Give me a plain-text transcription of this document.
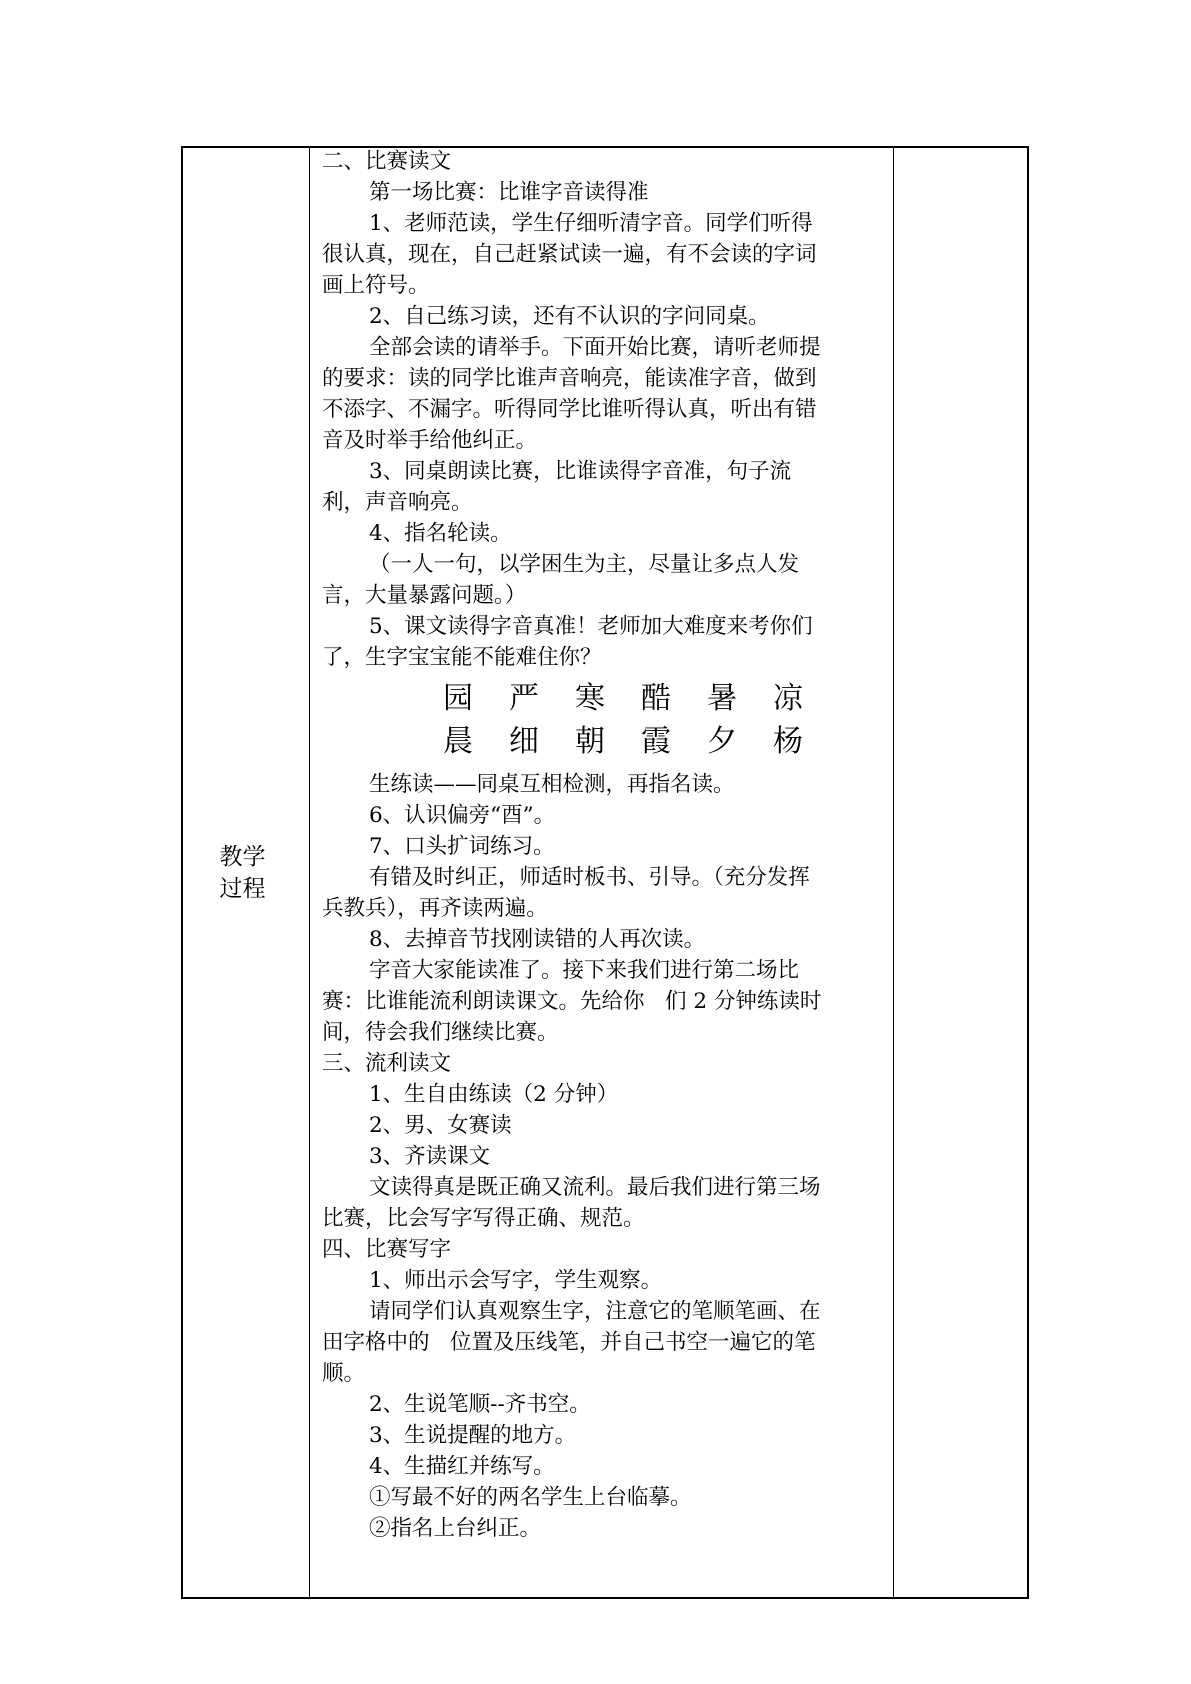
教学
过程
二、比赛读文
第一场比赛：比谁字音读得准
1、老师范读，学生仔细听清字音。同学们听得
很认真，现在，自己赶紧试读一遍，有不会读的字词
画上符号。
2、自己练习读，还有不认识的字问同桌。
全部会读的请举手。下面开始比赛，请听老师提
的要求：读的同学比谁声音响亮，能读准字音，做到
不添字、不漏字。听得同学比谁听得认真，听出有错
音及时举手给他纠正。
3、同桌朗读比赛，比谁读得字音准，句子流
利，声音响亮。
4、指名轮读。
（一人一句，以学困生为主，尽量让多点人发
言，大量暴露问题。）
5、课文读得字音真准！老师加大难度来考你们
了，生字宝宝能不能难住你？
园 严 寒 酷 暑 凉
晨 细 朝 霞 夕 杨
生练读——同桌互相检测，再指名读。
6、认识偏旁“酉”。
7、口头扩词练习。
有错及时纠正，师适时板书、引导。（充分发挥
兵教兵），再齐读两遍。
8、去掉音节找刚读错的人再次读。
字音大家能读准了。接下来我们进行第二场比
赛：比谁能流利朗读课文。先给你   们 2 分钟练读时
间，待会我们继续比赛。
三、流利读文
1、生自由练读（2 分钟）
2、男、女赛读
3、齐读课文
文读得真是既正确又流利。最后我们进行第三场
比赛，比会写字写得正确、规范。
四、比赛写字
1、师出示会写字，学生观察。
请同学们认真观察生字，注意它的笔顺笔画、在
田字格中的   位置及压线笔，并自己书空一遍它的笔
顺。
2、生说笔顺--齐书空。
3、生说提醒的地方。
4、生描红并练写。
①写最不好的两名学生上台临摹。
②指名上台纠正。
